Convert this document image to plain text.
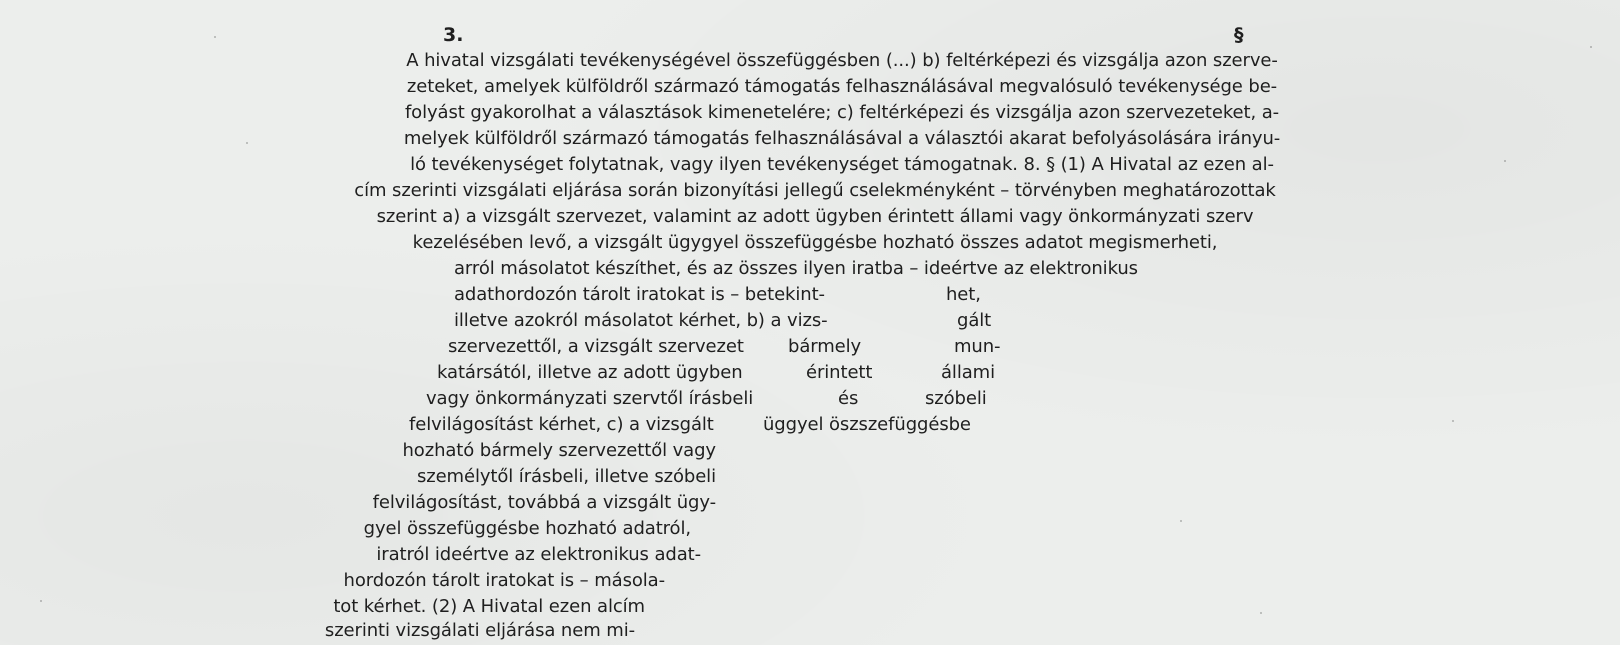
3.	§
A hivatal vizsgálati tevékenységével összefüggésben (...) b) feltérképezi és vizsgálja azon szerve-
zeteket, amelyek külföldről származó támogatás felhasználásával megvalósuló tevékenysége be-
folyást gyakorolhat a választások kimenetelére; c) feltérképezi és vizsgálja azon szervezeteket, a-
melyek külföldről származó támogatás felhasználásával a választói akarat befolyásolására irányu-
ló tevékenységet folytatnak, vagy ilyen tevékenységet támogatnak. 8. § (1) A Hivatal az ezen al-
cím szerinti vizsgálati eljárása során bizonyítási jellegű cselekményként – törvényben meghatározottak
szerint a) a vizsgált szervezet, valamint az adott ügyben érintett állami vagy önkormányzati szerv
kezelésében levő, a vizsgált ügygyel összefüggésbe hozható összes adatot megismerheti,
arról másolatot készíthet, és az összes ilyen iratba – ideértve az elektronikus
adathordozón tárolt iratokat is – betekint-	het,
illetve azokról másolatot kérhet, b) a vizs-	gált
szervezettől, a vizsgált szervezet bármely	mun-
katársától, illetve az adott ügyben	érintett	állami
vagy önkormányzati szervtől írásbeli	és	szóbeli
felvilágosítást kérhet, c) a vizsgált	üggyel öszszefüggésbe
hozható bármely szervezettől vagy
személytől írásbeli, illetve szóbeli
felvilágosítást, továbbá a vizsgált ügy-
gyel összefüggésbe hozható adatról,
iratról ideértve az elektronikus adat-
hordozón tárolt iratokat is – másola-
tot kérhet. (2) A Hivatal ezen alcím
szerinti vizsgálati eljárása nem mi-
